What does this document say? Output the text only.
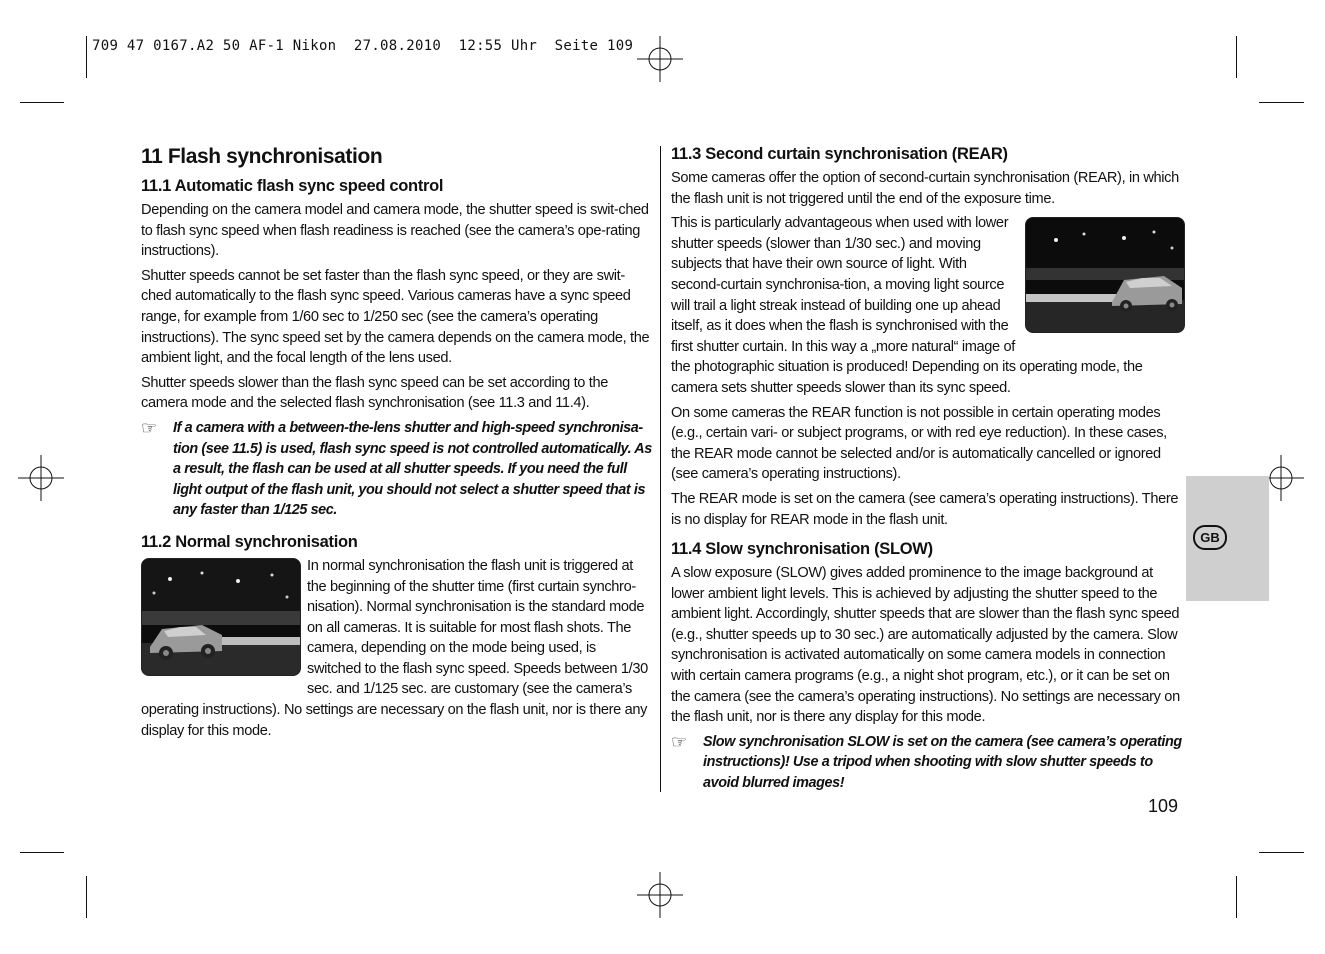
709 47 0167.A2 50 AF-1 Nikon  27.08.2010  12:55 Uhr  Seite 109
11 Flash synchronisation
11.1 Automatic flash sync speed control

Depending on the camera model and camera mode, the shutter speed is swit-ched to flash sync speed when flash readiness is reached (see the camera’s ope-rating instructions).

Shutter speeds cannot be set faster than the flash sync speed, or they are swit-ched automatically to the flash sync speed. Various cameras have a sync speed range, for example from 1/60 sec to 1/250 sec (see the camera’s operating instructions). The sync speed set by the camera depends on the camera mode, the ambient light, and the focal length of the lens used.

Shutter speeds slower than the flash sync speed can be set according to the camera mode and the selected flash synchronisation (see 11.3 and 11.4).

☞	If a camera with a between-the-lens shutter and high-speed synchronisa-tion (see 11.5) is used, flash sync speed is not controlled automatically. As a result, the flash can be used at all shutter speeds. If you need the full light output of the flash unit, you should not select a shutter speed that is any faster than 1/125 sec.
11.2 Normal synchronisation

In normal synchronisation the flash unit is triggered at the beginning of the shutter time (first curtain synchro-nisation). Normal synchronisation is the standard mode on all cameras. It is suitable for most flash shots. The camera, depending on the mode being used, is switched to the flash sync speed. Speeds between 1/30 sec. and 1/125 sec. are customary (see the camera’s operating instructions). No settings are necessary on the flash unit, nor is there any display for this mode.

11.3 Second curtain synchronisation (REAR)

Some cameras offer the option of second-curtain synchronisation (REAR), in which the flash unit is not triggered until the end of the exposure time.

This is particularly advantageous when used with lower shutter speeds (slower than 1/30 sec.) and moving subjects that have their own source of light. With second-curtain synchronisa-tion, a moving light source will trail a light streak instead of building one up ahead itself, as it does when the flash is synchronised with the first shutter curtain. In this way a „more natural“ image of the photographic situation is produced! Depending on its operating mode, the camera sets shutter speeds slower than its sync speed.

On some cameras the REAR function is not possible in certain operating modes (e.g., certain vari- or subject programs, or with red eye reduction). In these cases, the REAR mode cannot be selected and/or is automatically cancelled or ignored (see camera’s operating instructions).

The REAR mode is set on the camera (see camera’s operating instructions). There is no display for REAR mode in the flash unit.

11.4 Slow synchronisation (SLOW)

A slow exposure (SLOW) gives added prominence to the image background at lower ambient light levels. This is achieved by adjusting the shutter speed to the ambient light. Accordingly, shutter speeds that are slower than the flash sync speed (e.g., shutter speeds up to 30 sec.) are automatically adjusted by the camera. Slow synchronisation is activated automatically on some camera models in connection with certain camera programs (e.g., a night shot program, etc.), or it can be set on the camera (see the camera’s operating instructions). No settings are necessary on the flash unit, nor is there any display for this mode.

☞	Slow synchronisation SLOW is set on the camera (see camera’s operating instructions)! Use a tripod when shooting with slow shutter speeds to avoid blurred images!
GB
109
